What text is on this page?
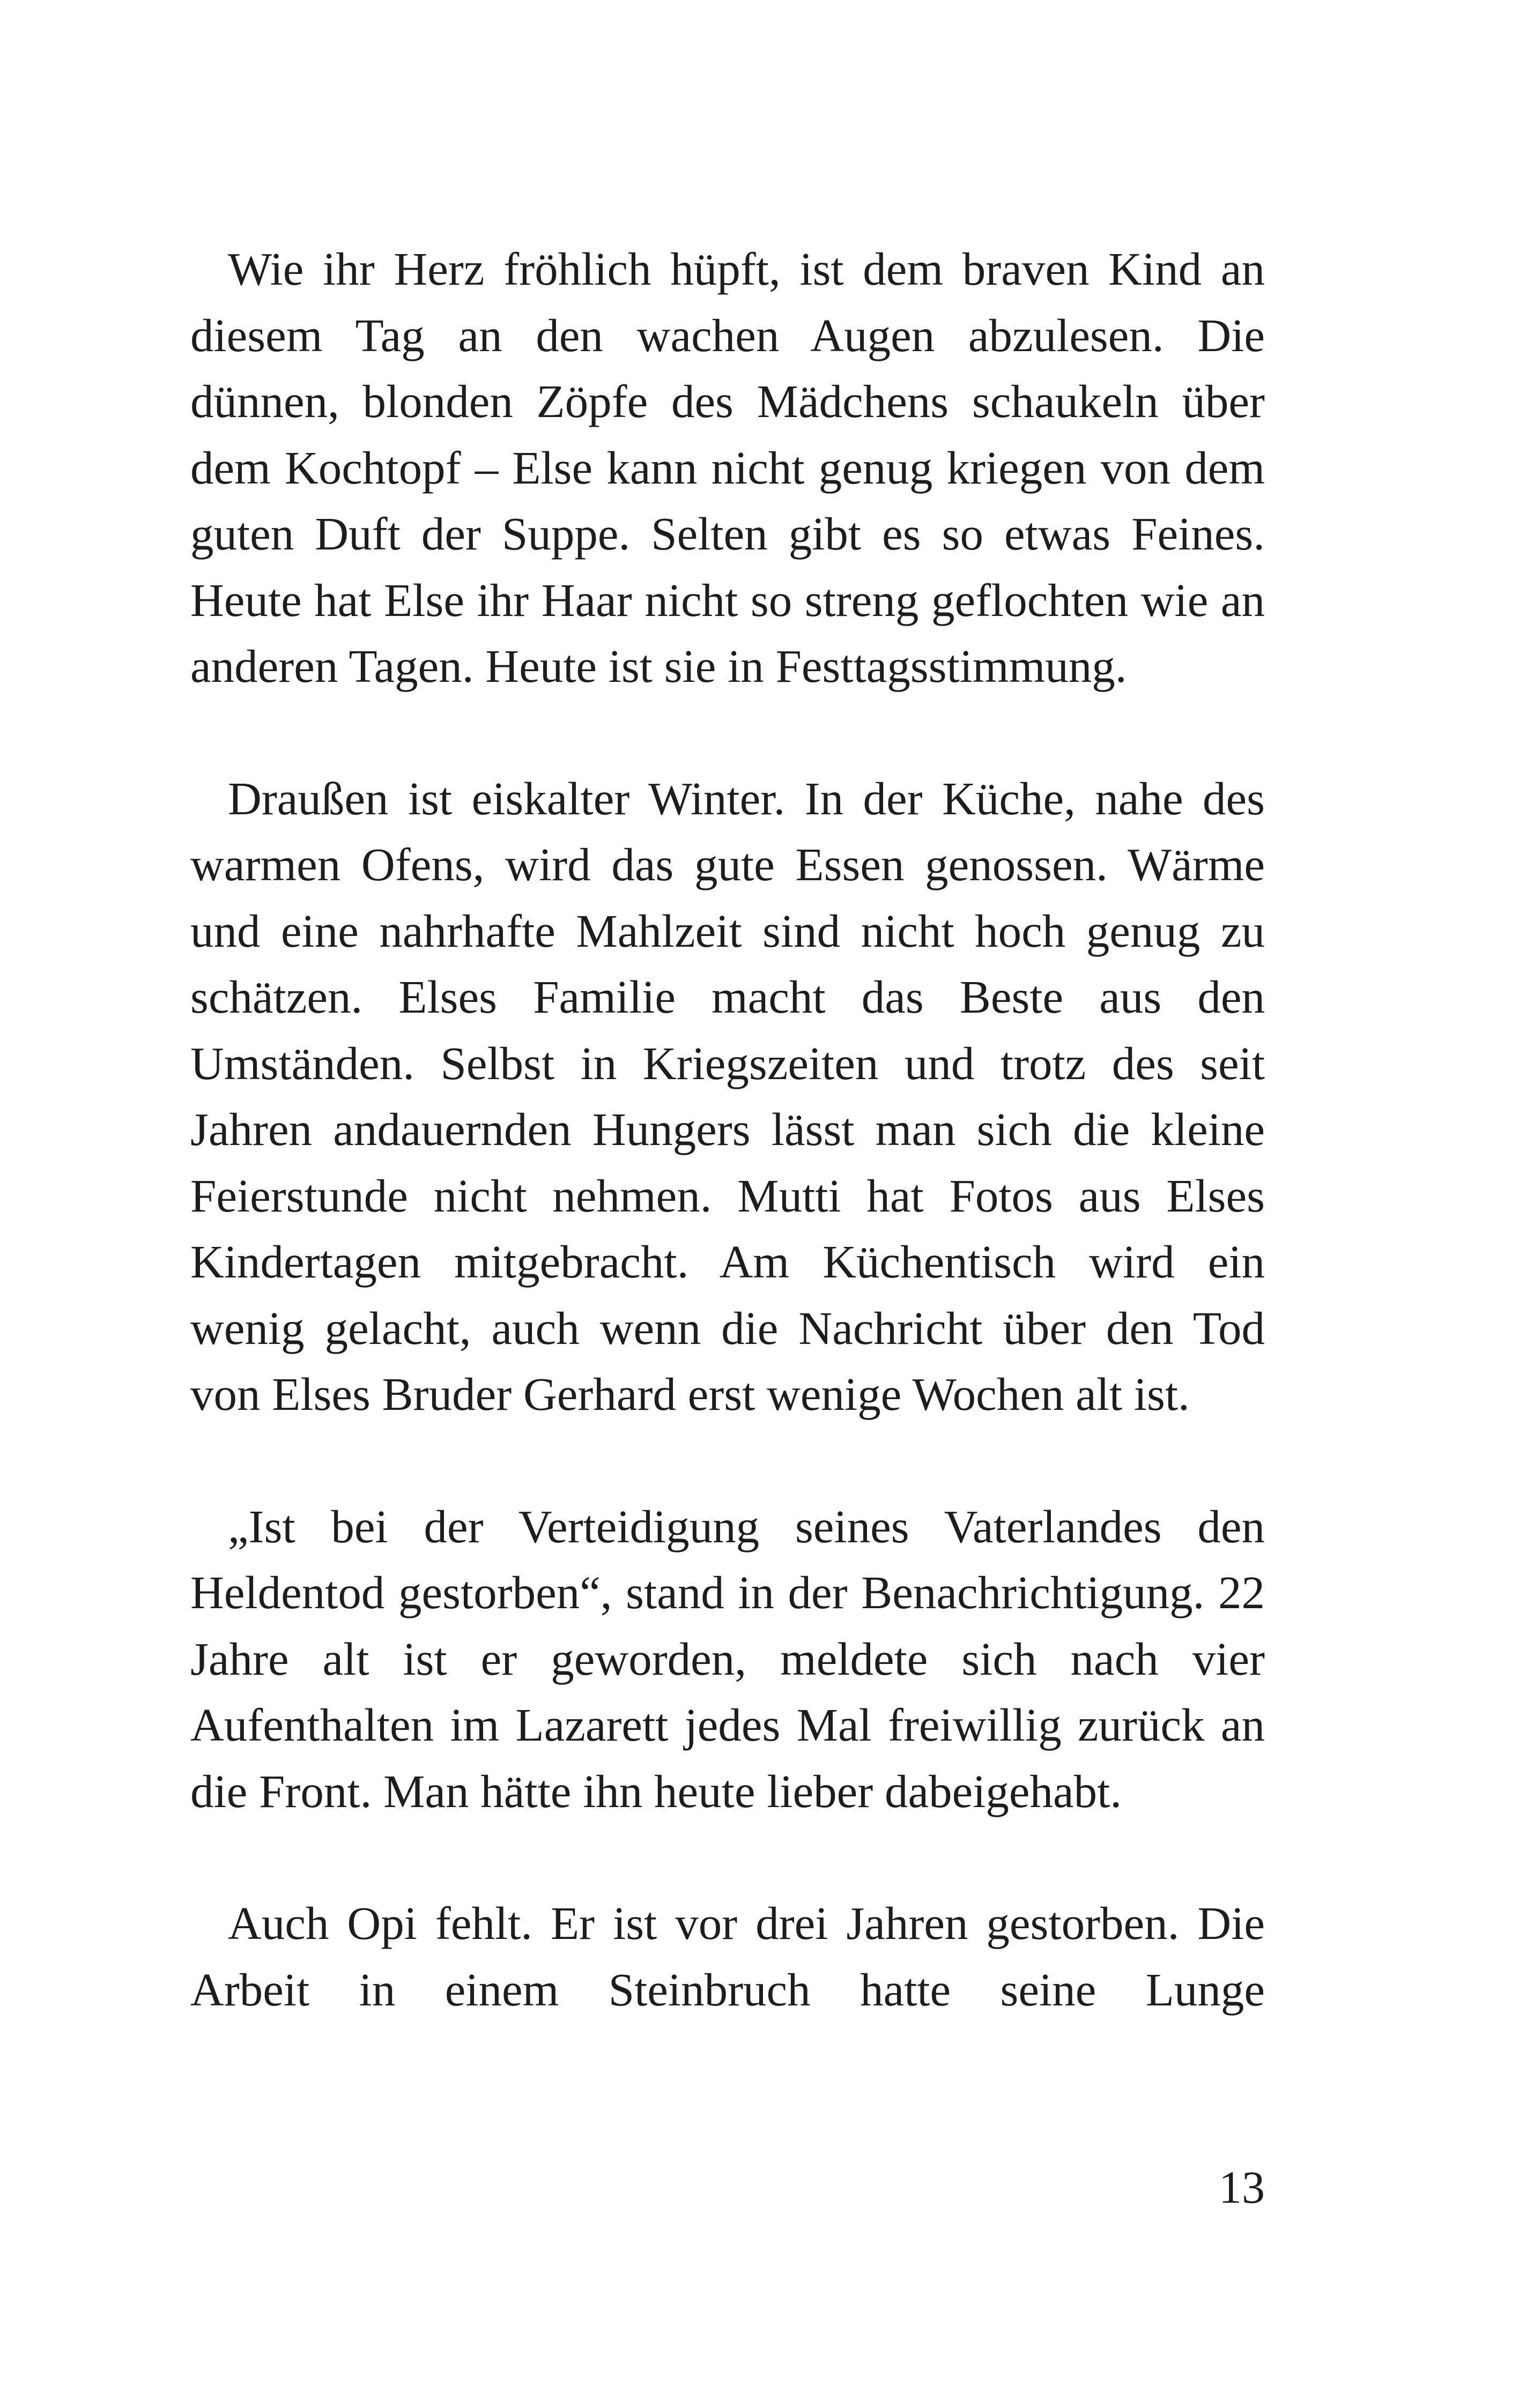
Wie ihr Herz fröhlich hüpft, ist dem braven Kind an diesem Tag an den wachen Augen abzulesen. Die dünnen, blonden Zöpfe des Mädchens schaukeln über dem Kochtopf – Else kann nicht genug kriegen von dem guten Duft der Suppe. Selten gibt es so etwas Feines. Heute hat Else ihr Haar nicht so streng geflochten wie an anderen Tagen. Heute ist sie in Festtagsstimmung.

Draußen ist eiskalter Winter. In der Küche, nahe des warmen Ofens, wird das gute Essen genossen. Wärme und eine nahrhafte Mahlzeit sind nicht hoch genug zu schätzen. Elses Familie macht das Beste aus den Umständen. Selbst in Kriegszeiten und trotz des seit Jahren andauernden Hungers lässt man sich die kleine Feierstunde nicht nehmen. Mutti hat Fotos aus Elses Kindertagen mitgebracht. Am Küchentisch wird ein wenig gelacht, auch wenn die Nachricht über den Tod von Elses Bruder Gerhard erst wenige Wochen alt ist.

„Ist bei der Verteidigung seines Vaterlandes den Heldentod gestorben“, stand in der Benachrichtigung. 22 Jahre alt ist er geworden, meldete sich nach vier Aufenthalten im Lazarett jedes Mal freiwillig zurück an die Front. Man hätte ihn heute lieber dabeigehabt.

Auch Opi fehlt. Er ist vor drei Jahren gestorben. Die Arbeit in einem Steinbruch hatte seine Lunge

13
